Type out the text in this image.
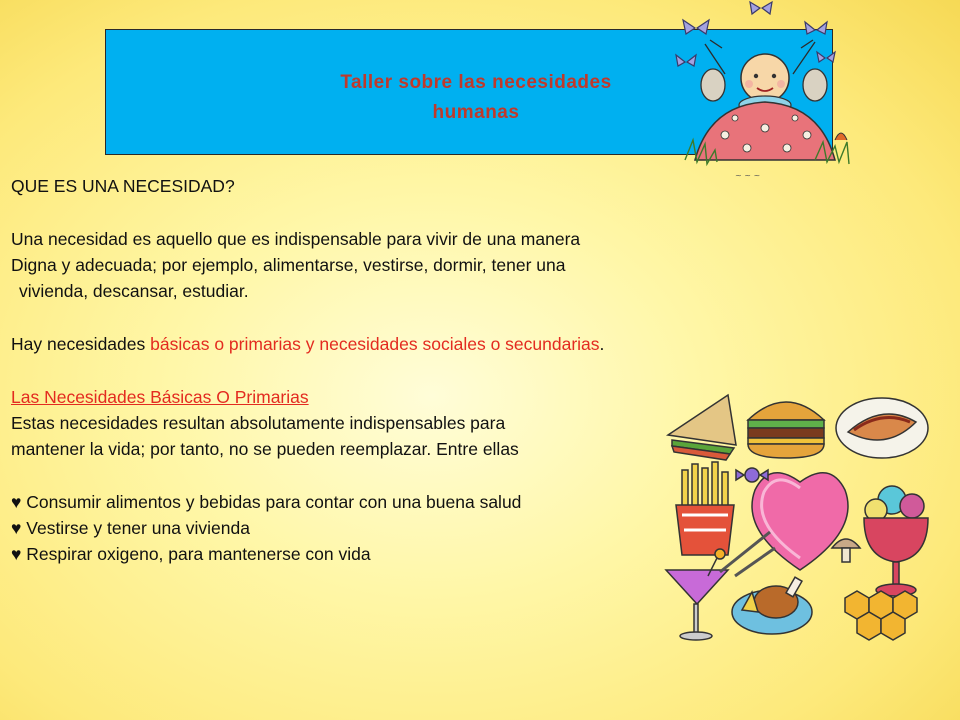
Taller sobre las necesidades
humanas
~ ~ ~

QUE ES UNA NECESIDAD?

Una necesidad es aquello que es indispensable para vivir de una manera

Digna y adecuada; por ejemplo, alimentarse, vestirse, dormir, tener una

vivienda, descansar, estudiar.

Hay necesidades básicas o primarias y necesidades sociales o secundarias.

Las Necesidades Básicas O Primarias

Estas necesidades resultan absolutamente indispensables para

mantener la vida; por tanto, no se pueden reemplazar. Entre ellas

♥ Consumir alimentos y bebidas para contar con una buena salud

♥ Vestirse y tener una vivienda

♥ Respirar oxigeno, para mantenerse con vida
